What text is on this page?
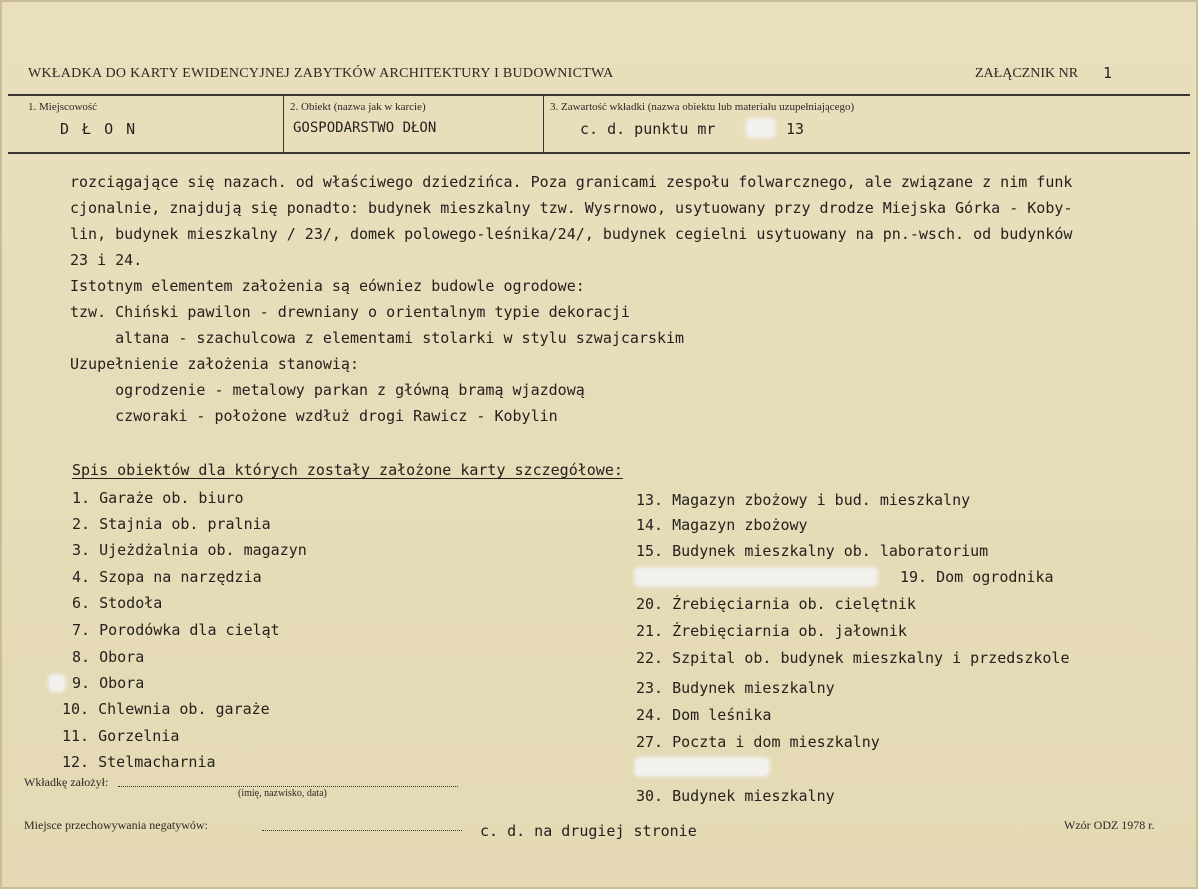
WKŁADKA DO KARTY EWIDENCYJNEJ ZABYTKÓW ARCHITEKTURY I BUDOWNICTWA	ZAŁĄCZNIK NR 1
1. Miejscowość
D Ł O N
2. Obiekt (nazwa jak w karcie)
GOSPODARSTWO DŁON
3. Zawartość wkładki (nazwa obiektu lub materiału uzupełniającego)
c. d. punktu mr	13
rozciągające się nazach. od właściwego dziedzińca. Poza granicami zespołu folwarcznego, ale związane z nim funk
cjonalnie, znajdują się ponadto: budynek mieszkalny tzw. Wysrnowo, usytuowany przy drodze Miejska Górka - Koby-
lin, budynek mieszkalny / 23/, domek polowego-leśnika/24/, budynek cegielni usytuowany na pn.-wsch. od budynków
23 i 24.
Istotnym elementem założenia są eówniez budowle ogrodowe:
tzw. Chiński pawilon - drewniany o orientalnym typie dekoracji
altana - szachulcowa z elementami stolarki w stylu szwajcarskim
Uzupełnienie założenia stanowią:
ogrodzenie - metalowy parkan z główną bramą wjazdową
czworaki - położone wzdłuż drogi Rawicz - Kobylin
Spis obiektów dla których zostały założone karty szczegółowe:
1. Garaże ob. biuro
2. Stajnia ob. pralnia
3. Ujeżdżalnia ob. magazyn
4. Szopa na narzędzia
6. Stodoła
7. Porodówka dla cieląt
8. Obora
9. Obora
10. Chlewnia ob. garaże
11. Gorzelnia
12. Stelmacharnia
13. Magazyn zbożowy i bud. mieszkalny
14. Magazyn zbożowy
15. Budynek mieszkalny ob. laboratorium
19. Dom ogrodnika
20. Źrebięciarnia ob. cielętnik
21. Źrebięciarnia ob. jałownik
22. Szpital ob. budynek mieszkalny i przedszkole
23. Budynek mieszkalny
24. Dom leśnika
27. Poczta i dom mieszkalny
30. Budynek mieszkalny
Wkładkę założył:
(imię, nazwisko, data)
Miejsce przechowywania negatywów:	c. d. na drugiej stronie	Wzór ODZ 1978 r.
